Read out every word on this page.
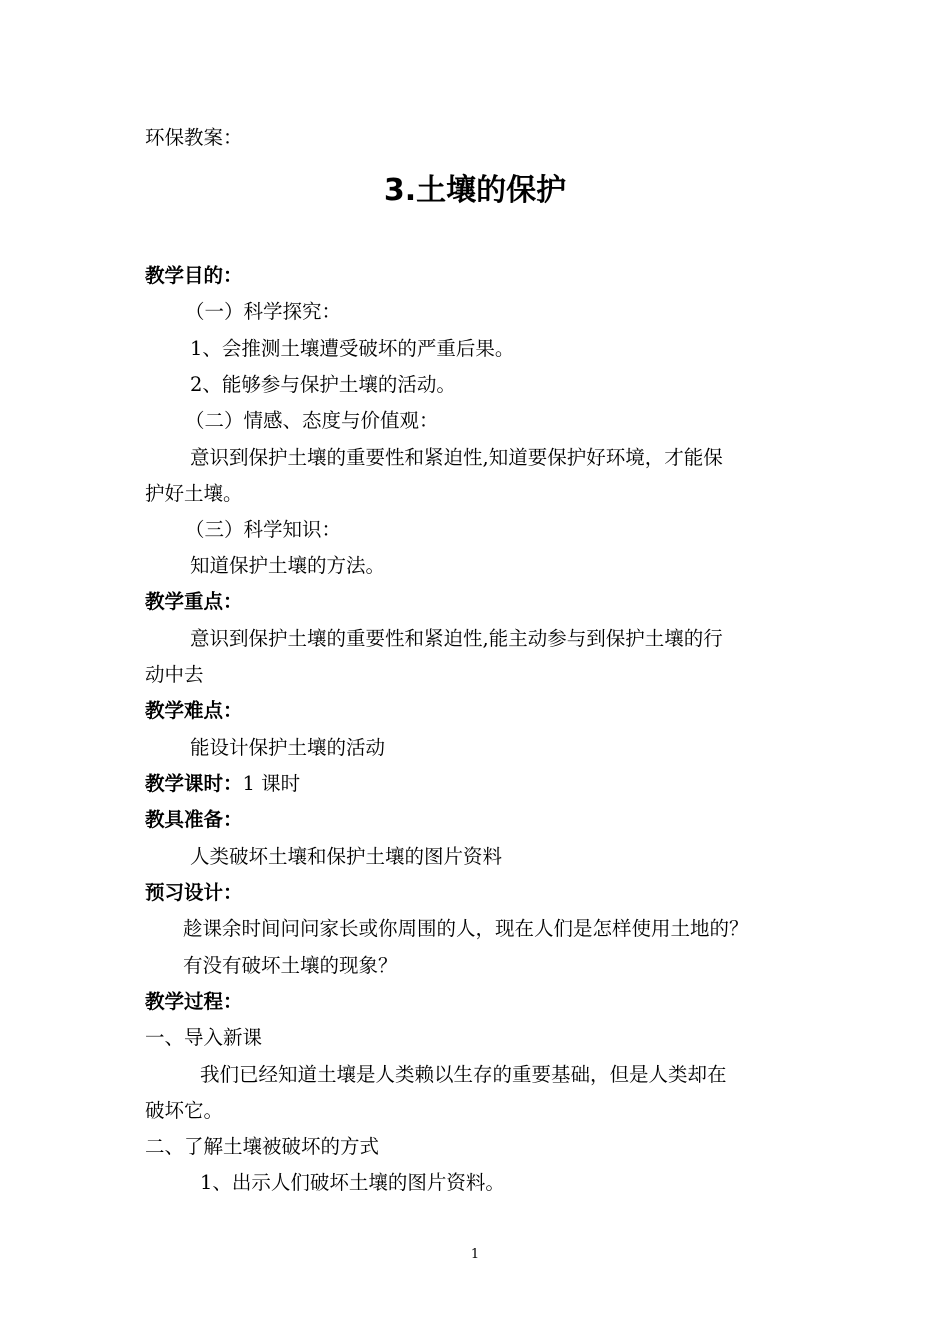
环保教案：
3.土壤的保护
教学目的：
（一）科学探究：
1、会推测土壤遭受破坏的严重后果。
2、能够参与保护土壤的活动。
（二）情感、态度与价值观：
意识到保护土壤的重要性和紧迫性,知道要保护好环境，才能保
护好土壤。
（三）科学知识：
知道保护土壤的方法。
教学重点：
意识到保护土壤的重要性和紧迫性,能主动参与到保护土壤的行
动中去
教学难点：
能设计保护土壤的活动
教学课时：1 课时
教具准备：
人类破坏土壤和保护土壤的图片资料
预习设计：
趁课余时间问问家长或你周围的人，现在人们是怎样使用土地的？
有没有破坏土壤的现象？
教学过程：
一、导入新课
我们已经知道土壤是人类赖以生存的重要基础，但是人类却在
破坏它。
二、了解土壤被破坏的方式
1、出示人们破坏土壤的图片资料。
1
